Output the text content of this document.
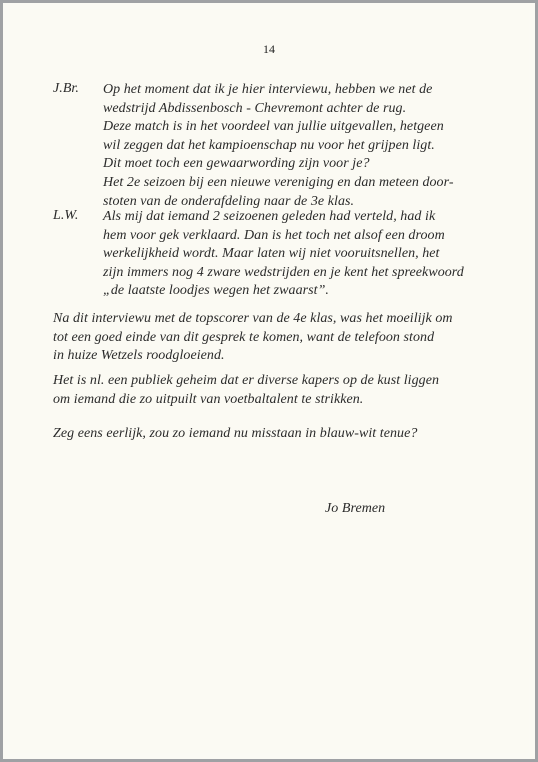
14
J.Br. Op het moment dat ik je hier interviewu, hebben we net de
wedstrijd Abdissenbosch - Chevremont achter de rug.
Deze match is in het voordeel van jullie uitgevallen, hetgeen
wil zeggen dat het kampioenschap nu voor het grijpen ligt.
Dit moet toch een gewaarwording zijn voor je?
Het 2e seizoen bij een nieuwe vereniging en dan meteen door-
stoten van de onderafdeling naar de 3e klas.
L.W. Als mij dat iemand 2 seizoenen geleden had verteld, had ik
hem voor gek verklaard. Dan is het toch net alsof een droom
werkelijkheid wordt. Maar laten wij niet vooruitsnellen, het
zijn immers nog 4 zware wedstrijden en je kent het spreekwoord
„de laatste loodjes wegen het zwaarst”.
Na dit interviewu met de topscorer van de 4e klas, was het moeilijk om
tot een goed einde van dit gesprek te komen, want de telefoon stond
in huize Wetzels roodgloeiend.
Het is nl. een publiek geheim dat er diverse kapers op de kust liggen
om iemand die zo uitpuilt van voetbaltalent te strikken.
Zeg eens eerlijk, zou zo iemand nu misstaan in blauw-wit tenue?
Jo Bremen
